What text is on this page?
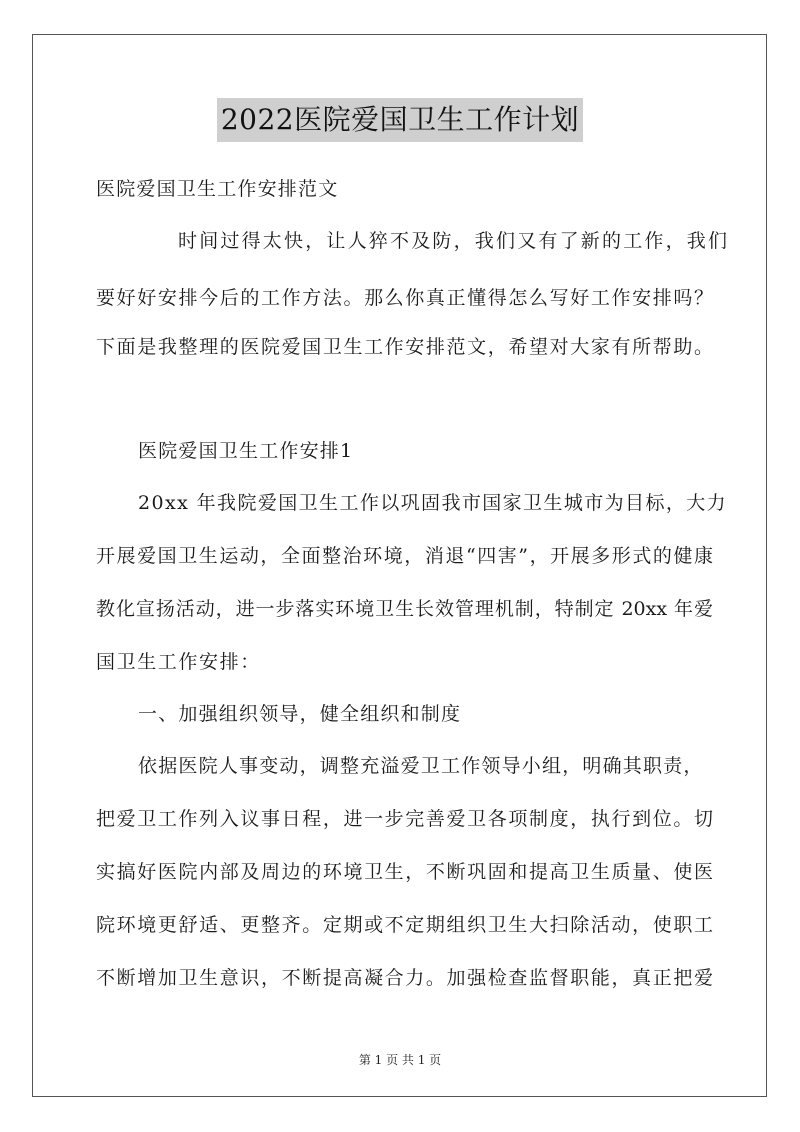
2022医院爱国卫生工作计划
医院爱国卫生工作安排范文
时间过得太快，让人猝不及防，我们又有了新的工作，我们
要好好安排今后的工作方法。那么你真正懂得怎么写好工作安排吗？
下面是我整理的医院爱国卫生工作安排范文，希望对大家有所帮助。
医院爱国卫生工作安排1
20xx 年我院爱国卫生工作以巩固我市国家卫生城市为目标，大力
开展爱国卫生运动，全面整治环境，消退“四害”，开展多形式的健康
教化宣扬活动，进一步落实环境卫生长效管理机制，特制定 20xx 年爱
国卫生工作安排：
一、加强组织领导，健全组织和制度
依据医院人事变动，调整充溢爱卫工作领导小组，明确其职责，
把爱卫工作列入议事日程，进一步完善爱卫各项制度，执行到位。切
实搞好医院内部及周边的环境卫生，不断巩固和提高卫生质量、使医
院环境更舒适、更整齐。定期或不定期组织卫生大扫除活动，使职工
不断增加卫生意识，不断提高凝合力。加强检查监督职能，真正把爱
第 1 页 共 1 页
